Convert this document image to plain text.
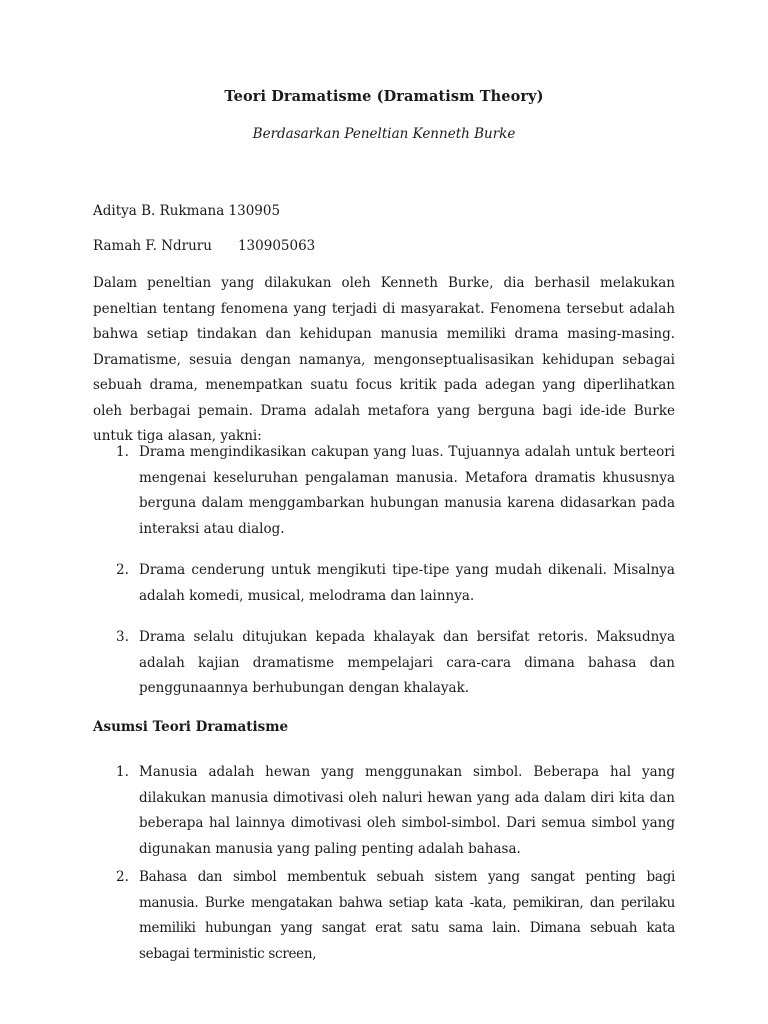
Teori Dramatisme (Dramatism Theory)
Berdasarkan Peneltian Kenneth Burke
Aditya B. Rukmana 130905
Ramah F. Ndruru 130905063
Dalam peneltian yang dilakukan oleh Kenneth Burke, dia berhasil melakukan peneltian tentang fenomena yang terjadi di masyarakat. Fenomena tersebut adalah bahwa setiap tindakan dan kehidupan manusia memiliki drama masing-masing. Dramatisme, sesuia dengan namanya, mengonseptualisasikan kehidupan sebagai sebuah drama, menempatkan suatu focus kritik pada adegan yang diperlihatkan oleh berbagai pemain. Drama adalah metafora yang berguna bagi ide-ide Burke untuk tiga alasan, yakni:
1. Drama mengindikasikan cakupan yang luas. Tujuannya adalah untuk berteori mengenai keseluruhan pengalaman manusia. Metafora dramatis khususnya berguna dalam menggambarkan hubungan manusia karena didasarkan pada interaksi atau dialog.
2. Drama cenderung untuk mengikuti tipe-tipe yang mudah dikenali. Misalnya adalah komedi, musical, melodrama dan lainnya.
3. Drama selalu ditujukan kepada khalayak dan bersifat retoris. Maksudnya adalah kajian dramatisme mempelajari cara-cara dimana bahasa dan penggunaannya berhubungan dengan khalayak.
Asumsi Teori Dramatisme
1. Manusia adalah hewan yang menggunakan simbol. Beberapa hal yang dilakukan manusia dimotivasi oleh naluri hewan yang ada dalam diri kita dan beberapa hal lainnya dimotivasi oleh simbol-simbol. Dari semua simbol yang digunakan manusia yang paling penting adalah bahasa.
2. Bahasa dan simbol membentuk sebuah sistem yang sangat penting bagi manusia. Burke mengatakan bahwa setiap kata -kata, pemikiran, dan perilaku memiliki hubungan yang sangat erat satu sama lain. Dimana sebuah kata sebagai terministic screen,
